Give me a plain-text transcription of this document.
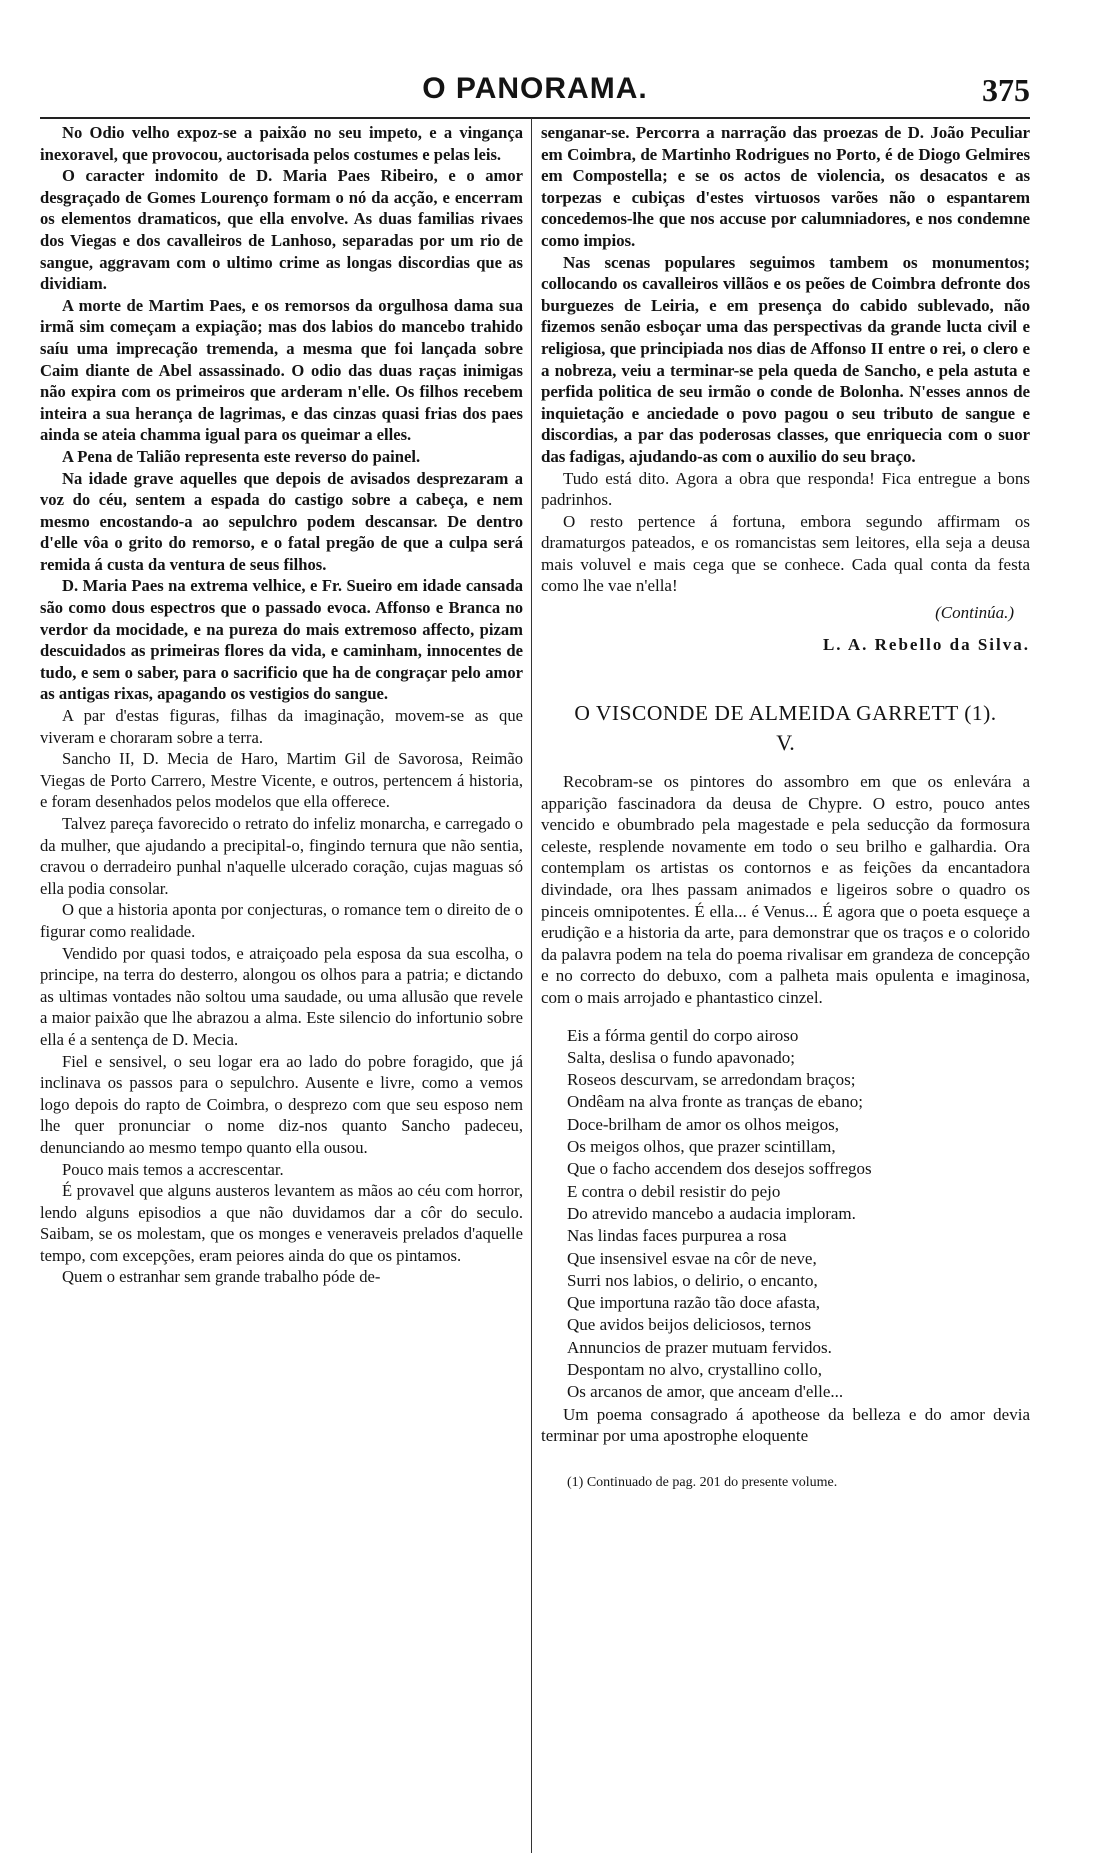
O PANORAMA.	375

No Odio velho expoz-se a paixão no seu impeto, e a vingança inexoravel, que provocou, auctorisada pelos costumes e pelas leis.

O caracter indomito de D. Maria Paes Ribeiro, e o amor desgraçado de Gomes Lourenço formam o nó da acção, e encerram os elementos dramaticos, que ella envolve. As duas familias rivaes dos Viegas e dos cavalleiros de Lanhoso, separadas por um rio de sangue, aggravam com o ultimo crime as longas discordias que as dividiam.

A morte de Martim Paes, e os remorsos da orgulhosa dama sua irmã sim começam a expiação; mas dos labios do mancebo trahido saíu uma imprecação tremenda, a mesma que foi lançada sobre Caim diante de Abel assassinado. O odio das duas raças inimigas não expira com os primeiros que arderam n'elle. Os filhos recebem inteira a sua herança de lagrimas, e das cinzas quasi frias dos paes ainda se ateia chamma igual para os queimar a elles.

A Pena de Talião representa este reverso do painel.

Na idade grave aquelles que depois de avisados desprezaram a voz do céu, sentem a espada do castigo sobre a cabeça, e nem mesmo encostando-a ao sepulchro podem descansar. De dentro d'elle vôa o grito do remorso, e o fatal pregão de que a culpa será remida á custa da ventura de seus filhos.

D. Maria Paes na extrema velhice, e Fr. Sueiro em idade cansada são como dous espectros que o passado evoca. Affonso e Branca no verdor da mocidade, e na pureza do mais extremoso affecto, pizam descuidados as primeiras flores da vida, e caminham, innocentes de tudo, e sem o saber, para o sacrificio que ha de congraçar pelo amor as antigas rixas, apagando os vestigios do sangue.

A par d'estas figuras, filhas da imaginação, movem-se as que viveram e choraram sobre a terra.

Sancho II, D. Mecia de Haro, Martim Gil de Savorosa, Reimão Viegas de Porto Carrero, Mestre Vicente, e outros, pertencem á historia, e foram desenhados pelos modelos que ella offerece.

Talvez pareça favorecido o retrato do infeliz monarcha, e carregado o da mulher, que ajudando a precipital-o, fingindo ternura que não sentia, cravou o derradeiro punhal n'aquelle ulcerado coração, cujas maguas só ella podia consolar.

O que a historia aponta por conjecturas, o romance tem o direito de o figurar como realidade.

Vendido por quasi todos, e atraiçoado pela esposa da sua escolha, o principe, na terra do desterro, alongou os olhos para a patria; e dictando as ultimas vontades não soltou uma saudade, ou uma allusão que revele a maior paixão que lhe abrazou a alma. Este silencio do infortunio sobre ella é a sentença de D. Mecia.

Fiel e sensivel, o seu logar era ao lado do pobre foragido, que já inclinava os passos para o sepulchro. Ausente e livre, como a vemos logo depois do rapto de Coimbra, o desprezo com que seu esposo nem lhe quer pronunciar o nome diz-nos quanto Sancho padeceu, denunciando ao mesmo tempo quanto ella ousou.

Pouco mais temos a accrescentar.

É provavel que alguns austeros levantem as mãos ao céu com horror, lendo alguns episodios a que não duvidamos dar a côr do seculo. Saibam, se os molestam, que os monges e veneraveis prelados d'aquelle tempo, com excepções, eram peiores ainda do que os pintamos.

Quem o estranhar sem grande trabalho póde de-

senganar-se. Percorra a narração das proezas de D. João Peculiar em Coimbra, de Martinho Rodrigues no Porto, é de Diogo Gelmires em Compostella; e se os actos de violencia, os desacatos e as torpezas e cubiças d'estes virtuosos varões não o espantarem concedemos-lhe que nos accuse por calumniadores, e nos condemne como impios.

Nas scenas populares seguimos tambem os monumentos; collocando os cavalleiros villãos e os peões de Coimbra defronte dos burguezes de Leiria, e em presença do cabido sublevado, não fizemos senão esboçar uma das perspectivas da grande lucta civil e religiosa, que principiada nos dias de Affonso II entre o rei, o clero e a nobreza, veiu a terminar-se pela queda de Sancho, e pela astuta e perfida politica de seu irmão o conde de Bolonha. N'esses annos de inquietação e anciedade o povo pagou o seu tributo de sangue e discordias, a par das poderosas classes, que enriquecia com o suor das fadigas, ajudando-as com o auxilio do seu braço.

Tudo está dito. Agora a obra que responda! Fica entregue a bons padrinhos.

O resto pertence á fortuna, embora segundo affirmam os dramaturgos pateados, e os romancistas sem leitores, ella seja a deusa mais voluvel e mais cega que se conhece. Cada qual conta da festa como lhe vae n'ella!

(Continúa.)
L. A. Rebello da Silva.
O VISCONDE DE ALMEIDA GARRETT (1).
V.

Recobram-se os pintores do assombro em que os enlevára a apparição fascinadora da deusa de Chypre. O estro, pouco antes vencido e obumbrado pela magestade e pela seducção da formosura celeste, resplende novamente em todo o seu brilho e galhardia. Ora contemplam os artistas os contornos e as feições da encantadora divindade, ora lhes passam animados e ligeiros sobre o quadro os pinceis omnipotentes. É ella... é Venus... É agora que o poeta esqueçe a erudição e a historia da arte, para demonstrar que os traços e o colorido da palavra podem na tela do poema rivalisar em grandeza de concepção e no correcto do debuxo, com a palheta mais opulenta e imaginosa, com o mais arrojado e phantastico cinzel.

Eis a fórma gentil do corpo airoso
Salta, deslisa o fundo apavonado;
Roseos descurvam, se arredondam braços;
Ondêam na alva fronte as tranças de ebano;
Doce-brilham de amor os olhos meigos,
Os meigos olhos, que prazer scintillam,
Que o facho accendem dos desejos soffregos
E contra o debil resistir do pejo
Do atrevido mancebo a audacia imploram.
Nas lindas faces purpurea a rosa
Que insensivel esvae na côr de neve,
Surri nos labios, o delirio, o encanto,
Que importuna razão tão doce afasta,
Que avidos beijos deliciosos, ternos
Annuncios de prazer mutuam fervidos.
Despontam no alvo, crystallino collo,
Os arcanos de amor, que anceam d'elle...

Um poema consagrado á apotheose da belleza e do amor devia terminar por uma apostrophe eloquente

(1) Continuado de pag. 201 do presente volume.
